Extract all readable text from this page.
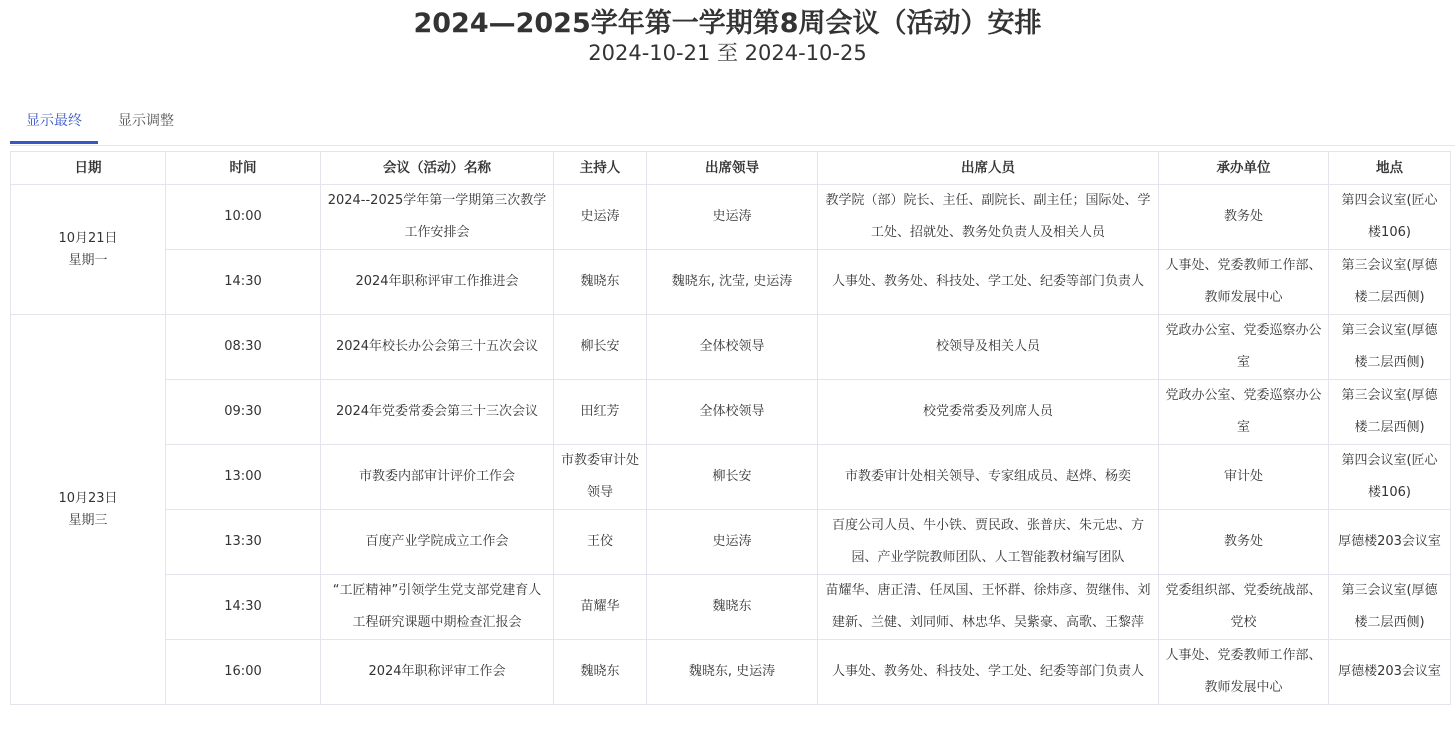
2024—2025学年第一学期第8周会议（活动）安排
2024-10-21 至 2024-10-25
显示最终	显示调整
日期	时间	会议（活动）名称	主持人	出席领导	出席人员	承办单位	地点

10月21日
星期一	10:00	2024--2025学年第一学期第三次教学工作安排会	史运涛	史运涛	教学院（部）院长、主任、副院长、副主任；国际处、学工处、招就处、教务处负责人及相关人员	教务处	第四会议室(匠心楼106)
	14:30	2024年职称评审工作推进会	魏晓东	魏晓东, 沈莹, 史运涛	人事处、教务处、科技处、学工处、纪委等部门负责人	人事处、党委教师工作部、教师发展中心	第三会议室(厚德楼二层西侧)

10月23日
星期三	08:30	2024年校长办公会第三十五次会议	柳长安	全体校领导	校领导及相关人员	党政办公室、党委巡察办公室	第三会议室(厚德楼二层西侧)
	09:30	2024年党委常委会第三十三次会议	田红芳	全体校领导	校党委常委及列席人员	党政办公室、党委巡察办公室	第三会议室(厚德楼二层西侧)
	13:00	市教委内部审计评价工作会	市教委审计处领导	柳长安	市教委审计处相关领导、专家组成员、赵烨、杨奕	审计处	第四会议室(匠心楼106)
	13:30	百度产业学院成立工作会	王佼	史运涛	百度公司人员、牛小铁、贾民政、张普庆、朱元忠、方园、产业学院教师团队、人工智能教材编写团队	教务处	厚德楼203会议室
	14:30	“工匠精神”引领学生党支部党建育人工程研究课题中期检查汇报会	苗耀华	魏晓东	苗耀华、唐正清、任凤国、王怀群、徐炜彦、贺继伟、刘建新、兰健、刘同师、林忠华、吴紫豪、高歌、王黎萍	党委组织部、党委统战部、党校	第三会议室(厚德楼二层西侧)
	16:00	2024年职称评审工作会	魏晓东	魏晓东, 史运涛	人事处、教务处、科技处、学工处、纪委等部门负责人	人事处、党委教师工作部、教师发展中心	厚德楼203会议室
